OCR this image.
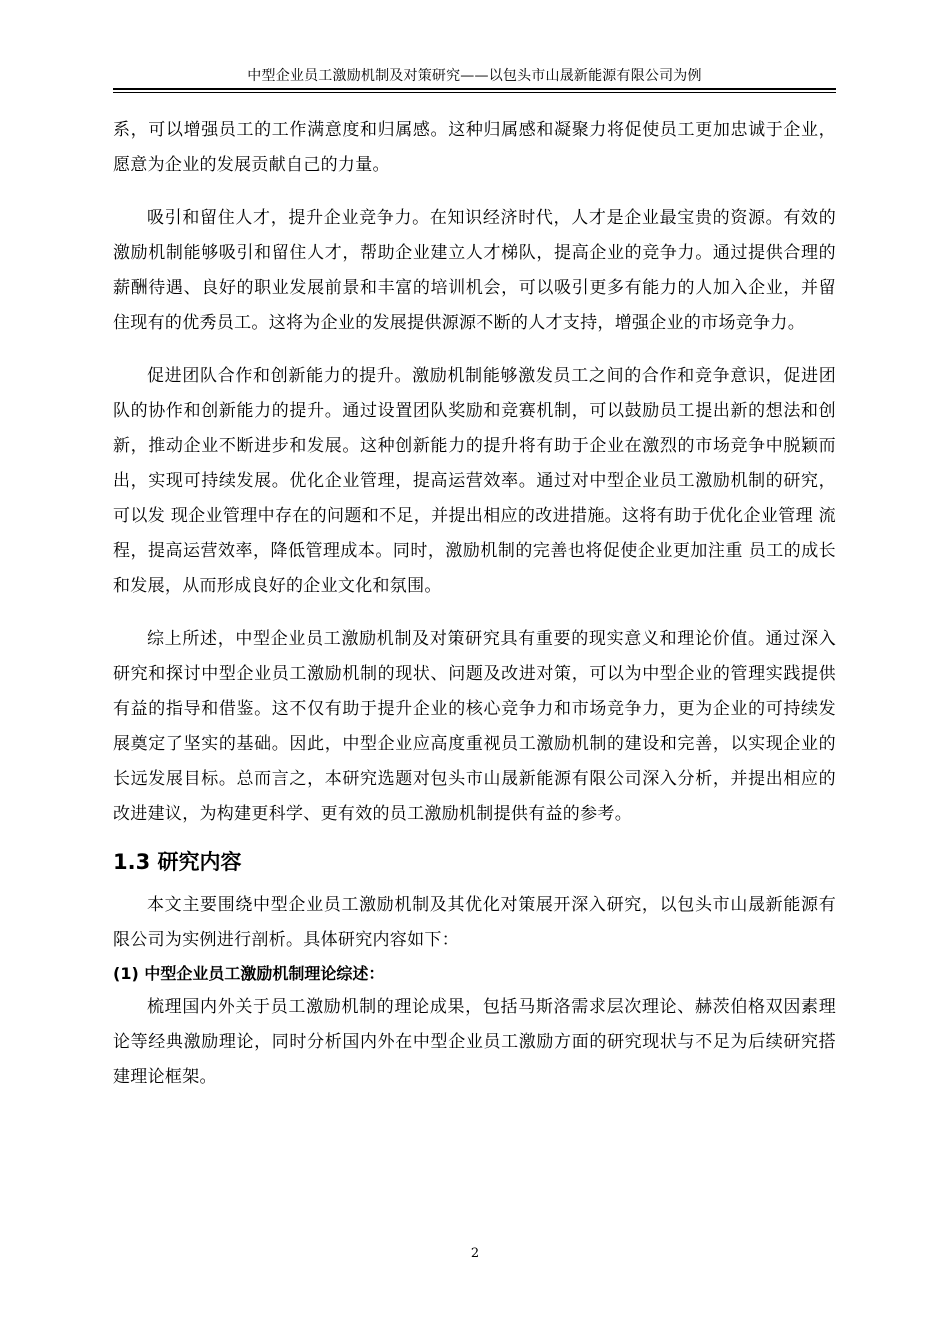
中型企业员工激励机制及对策研究——以包头市山晟新能源有限公司为例

系，可以增强员工的工作满意度和归属感。这种归属感和凝聚力将促使员工更加忠诚于企业，愿意为企业的发展贡献自己的力量。

吸引和留住人才，提升企业竞争力。在知识经济时代，人才是企业最宝贵的资源。有效的激励机制能够吸引和留住人才，帮助企业建立人才梯队，提高企业的竞争力。通过提供合理的薪酬待遇、良好的职业发展前景和丰富的培训机会，可以吸引更多有能力的人加入企业，并留住现有的优秀员工。这将为企业的发展提供源源不断的人才支持，增强企业的市场竞争力。

促进团队合作和创新能力的提升。激励机制能够激发员工之间的合作和竞争意识，促进团队的协作和创新能力的提升。通过设置团队奖励和竞赛机制，可以鼓励员工提出新的想法和创新，推动企业不断进步和发展。这种创新能力的提升将有助于企业在激烈的市场竞争中脱颖而出，实现可持续发展。优化企业管理，提高运营效率。通过对中型企业员工激励机制的研究，可以发 现企业管理中存在的问题和不足，并提出相应的改进措施。这将有助于优化企业管理 流程，提高运营效率，降低管理成本。同时，激励机制的完善也将促使企业更加注重 员工的成长和发展，从而形成良好的企业文化和氛围。

综上所述，中型企业员工激励机制及对策研究具有重要的现实意义和理论价值。通过深入研究和探讨中型企业员工激励机制的现状、问题及改进对策，可以为中型企业的管理实践提供有益的指导和借鉴。这不仅有助于提升企业的核心竞争力和市场竞争力，更为企业的可持续发展奠定了坚实的基础。因此，中型企业应高度重视员工激励机制的建设和完善，以实现企业的长远发展目标。总而言之，本研究选题对包头市山晟新能源有限公司深入分析，并提出相应的改进建议，为构建更科学、更有效的员工激励机制提供有益的参考。

1.3 研究内容

本文主要围绕中型企业员工激励机制及其优化对策展开深入研究，以包头市山晟新能源有限公司为实例进行剖析。具体研究内容如下：

(1) 中型企业员工激励机制理论综述：

梳理国内外关于员工激励机制的理论成果，包括马斯洛需求层次理论、赫茨伯格双因素理论等经典激励理论，同时分析国内外在中型企业员工激励方面的研究现状与不足为后续研究搭建理论框架。

2
